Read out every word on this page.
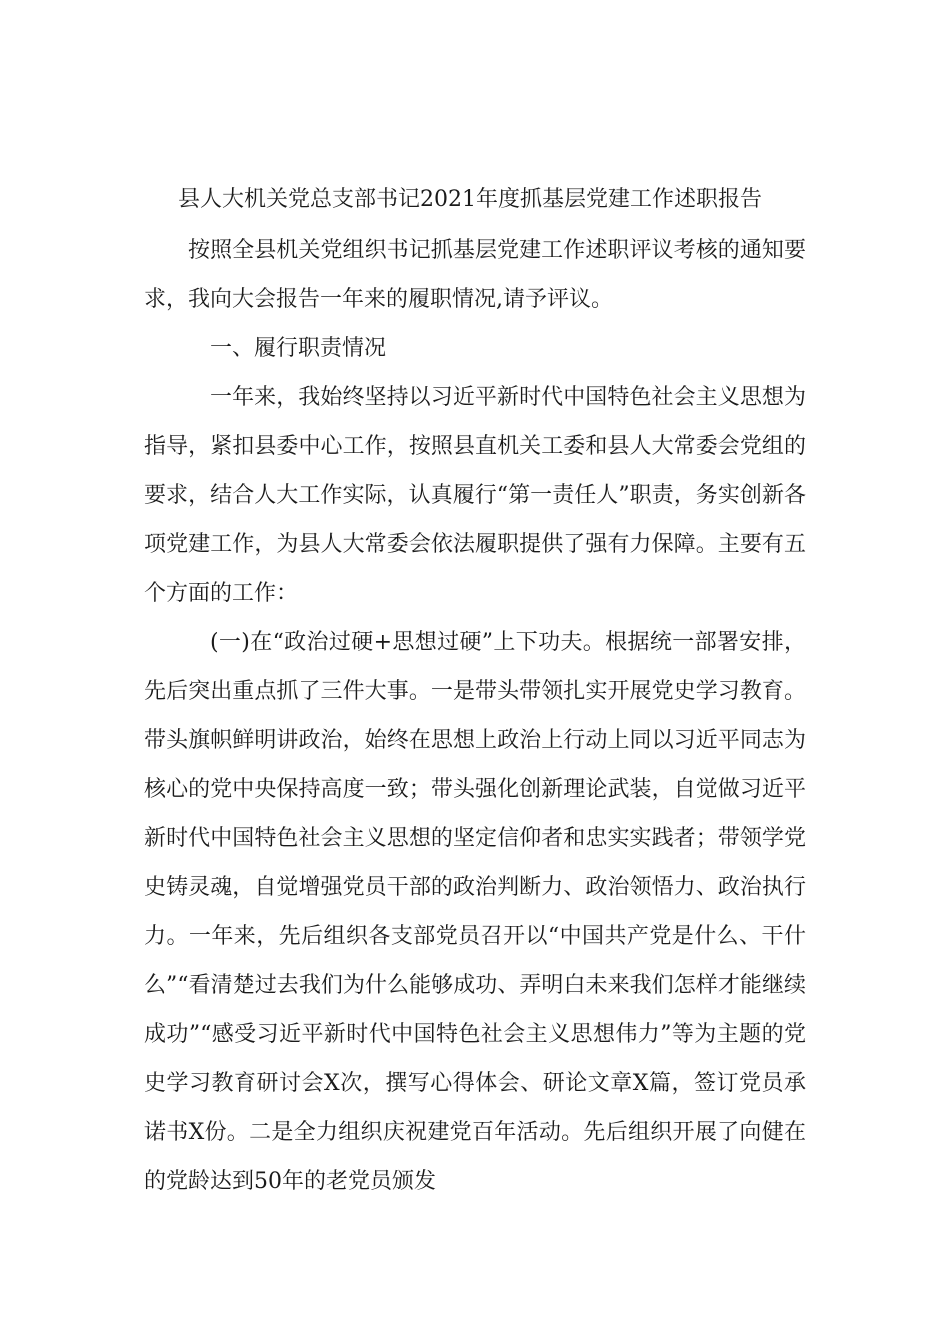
县人大机关党总支部书记2021年度抓基层党建工作述职报告

按照全县机关党组织书记抓基层党建工作述职评议考核的通知要求，我向大会报告一年来的履职情况,请予评议。

一、履行职责情况

一年来，我始终坚持以习近平新时代中国特色社会主义思想为指导，紧扣县委中心工作，按照县直机关工委和县人大常委会党组的要求，结合人大工作实际，认真履行“第一责任人”职责，务实创新各项党建工作，为县人大常委会依法履职提供了强有力保障。主要有五个方面的工作：

(一)在“政治过硬+思想过硬”上下功夫。根据统一部署安排，先后突出重点抓了三件大事。一是带头带领扎实开展党史学习教育。带头旗帜鲜明讲政治，始终在思想上政治上行动上同以习近平同志为核心的党中央保持高度一致；带头强化创新理论武装，自觉做习近平新时代中国特色社会主义思想的坚定信仰者和忠实实践者；带领学党史铸灵魂，自觉增强党员干部的政治判断力、政治领悟力、政治执行力。一年来，先后组织各支部党员召开以“中国共产党是什么、干什么”“看清楚过去我们为什么能够成功、弄明白未来我们怎样才能继续成功”“感受习近平新时代中国特色社会主义思想伟力”等为主题的党史学习教育研讨会X次，撰写心得体会、研论文章X篇，签订党员承诺书X份。二是全力组织庆祝建党百年活动。先后组织开展了向健在的党龄达到50年的老党员颁发
